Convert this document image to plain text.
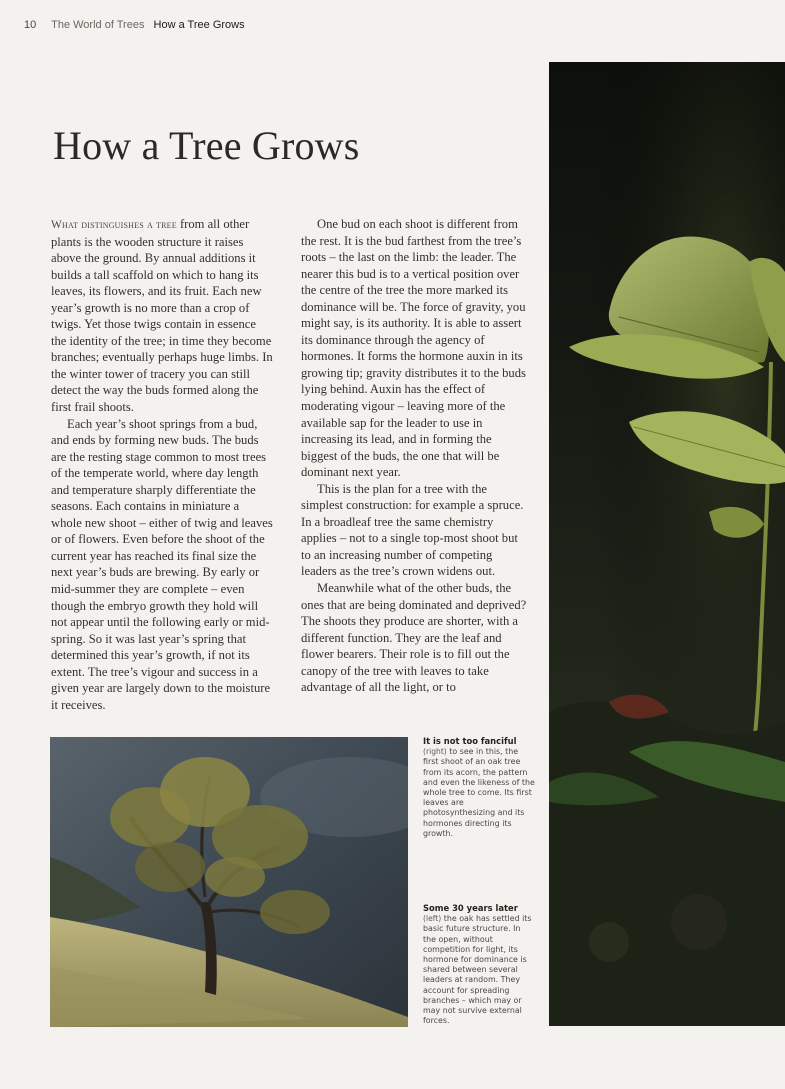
10 The World of Trees How a Tree Grows
How a Tree Grows

What distinguishes a tree from all other plants is the wooden structure it raises above the ground. By annual additions it builds a tall scaffold on which to hang its leaves, its flowers, and its fruit. Each new year’s growth is no more than a crop of twigs. Yet those twigs contain in essence the identity of the tree; in time they become branches; eventually perhaps huge limbs. In the winter tower of tracery you can still detect the way the buds formed along the first frail shoots.

Each year’s shoot springs from a bud, and ends by forming new buds. The buds are the resting stage common to most trees of the temperate world, where day length and temperature sharply differentiate the seasons. Each contains in miniature a whole new shoot – either of twig and leaves or of flowers. Even before the shoot of the current year has reached its final size the next year’s buds are brewing. By early or mid-summer they are complete – even though the embryo growth they hold will not appear until the following early or mid-spring. So it was last year’s spring that determined this year’s growth, if not its extent. The tree’s vigour and success in a given year are largely down to the moisture it receives.

One bud on each shoot is different from the rest. It is the bud farthest from the tree’s roots – the last on the limb: the leader. The nearer this bud is to a vertical position over the centre of the tree the more marked its dominance will be. The force of gravity, you might say, is its authority. It is able to assert its dominance through the agency of hormones. It forms the hormone auxin in its growing tip; gravity distributes it to the buds lying behind. Auxin has the effect of moderating vigour – leaving more of the available sap for the leader to use in increasing its lead, and in forming the biggest of the buds, the one that will be dominant next year.

This is the plan for a tree with the simplest construction: for example a spruce. In a broadleaf tree the same chemistry applies – not to a single top-most shoot but to an increasing number of competing leaders as the tree’s crown widens out.

Meanwhile what of the other buds, the ones that are being dominated and deprived? The shoots they produce are shorter, with a different function. They are the leaf and flower bearers. Their role is to fill out the canopy of the tree with leaves to take advantage of all the light, or to

It is not too fanciful (right) to see in this, the first shoot of an oak tree from its acorn, the pattern and even the likeness of the whole tree to come. Its first leaves are photosynthesizing and its hormones directing its growth.
Some 30 years later (left) the oak has settled its basic future structure. In the open, without competition for light, its hormone for dominance is shared between several leaders at random. They account for spreading branches – which may or may not survive external forces.
